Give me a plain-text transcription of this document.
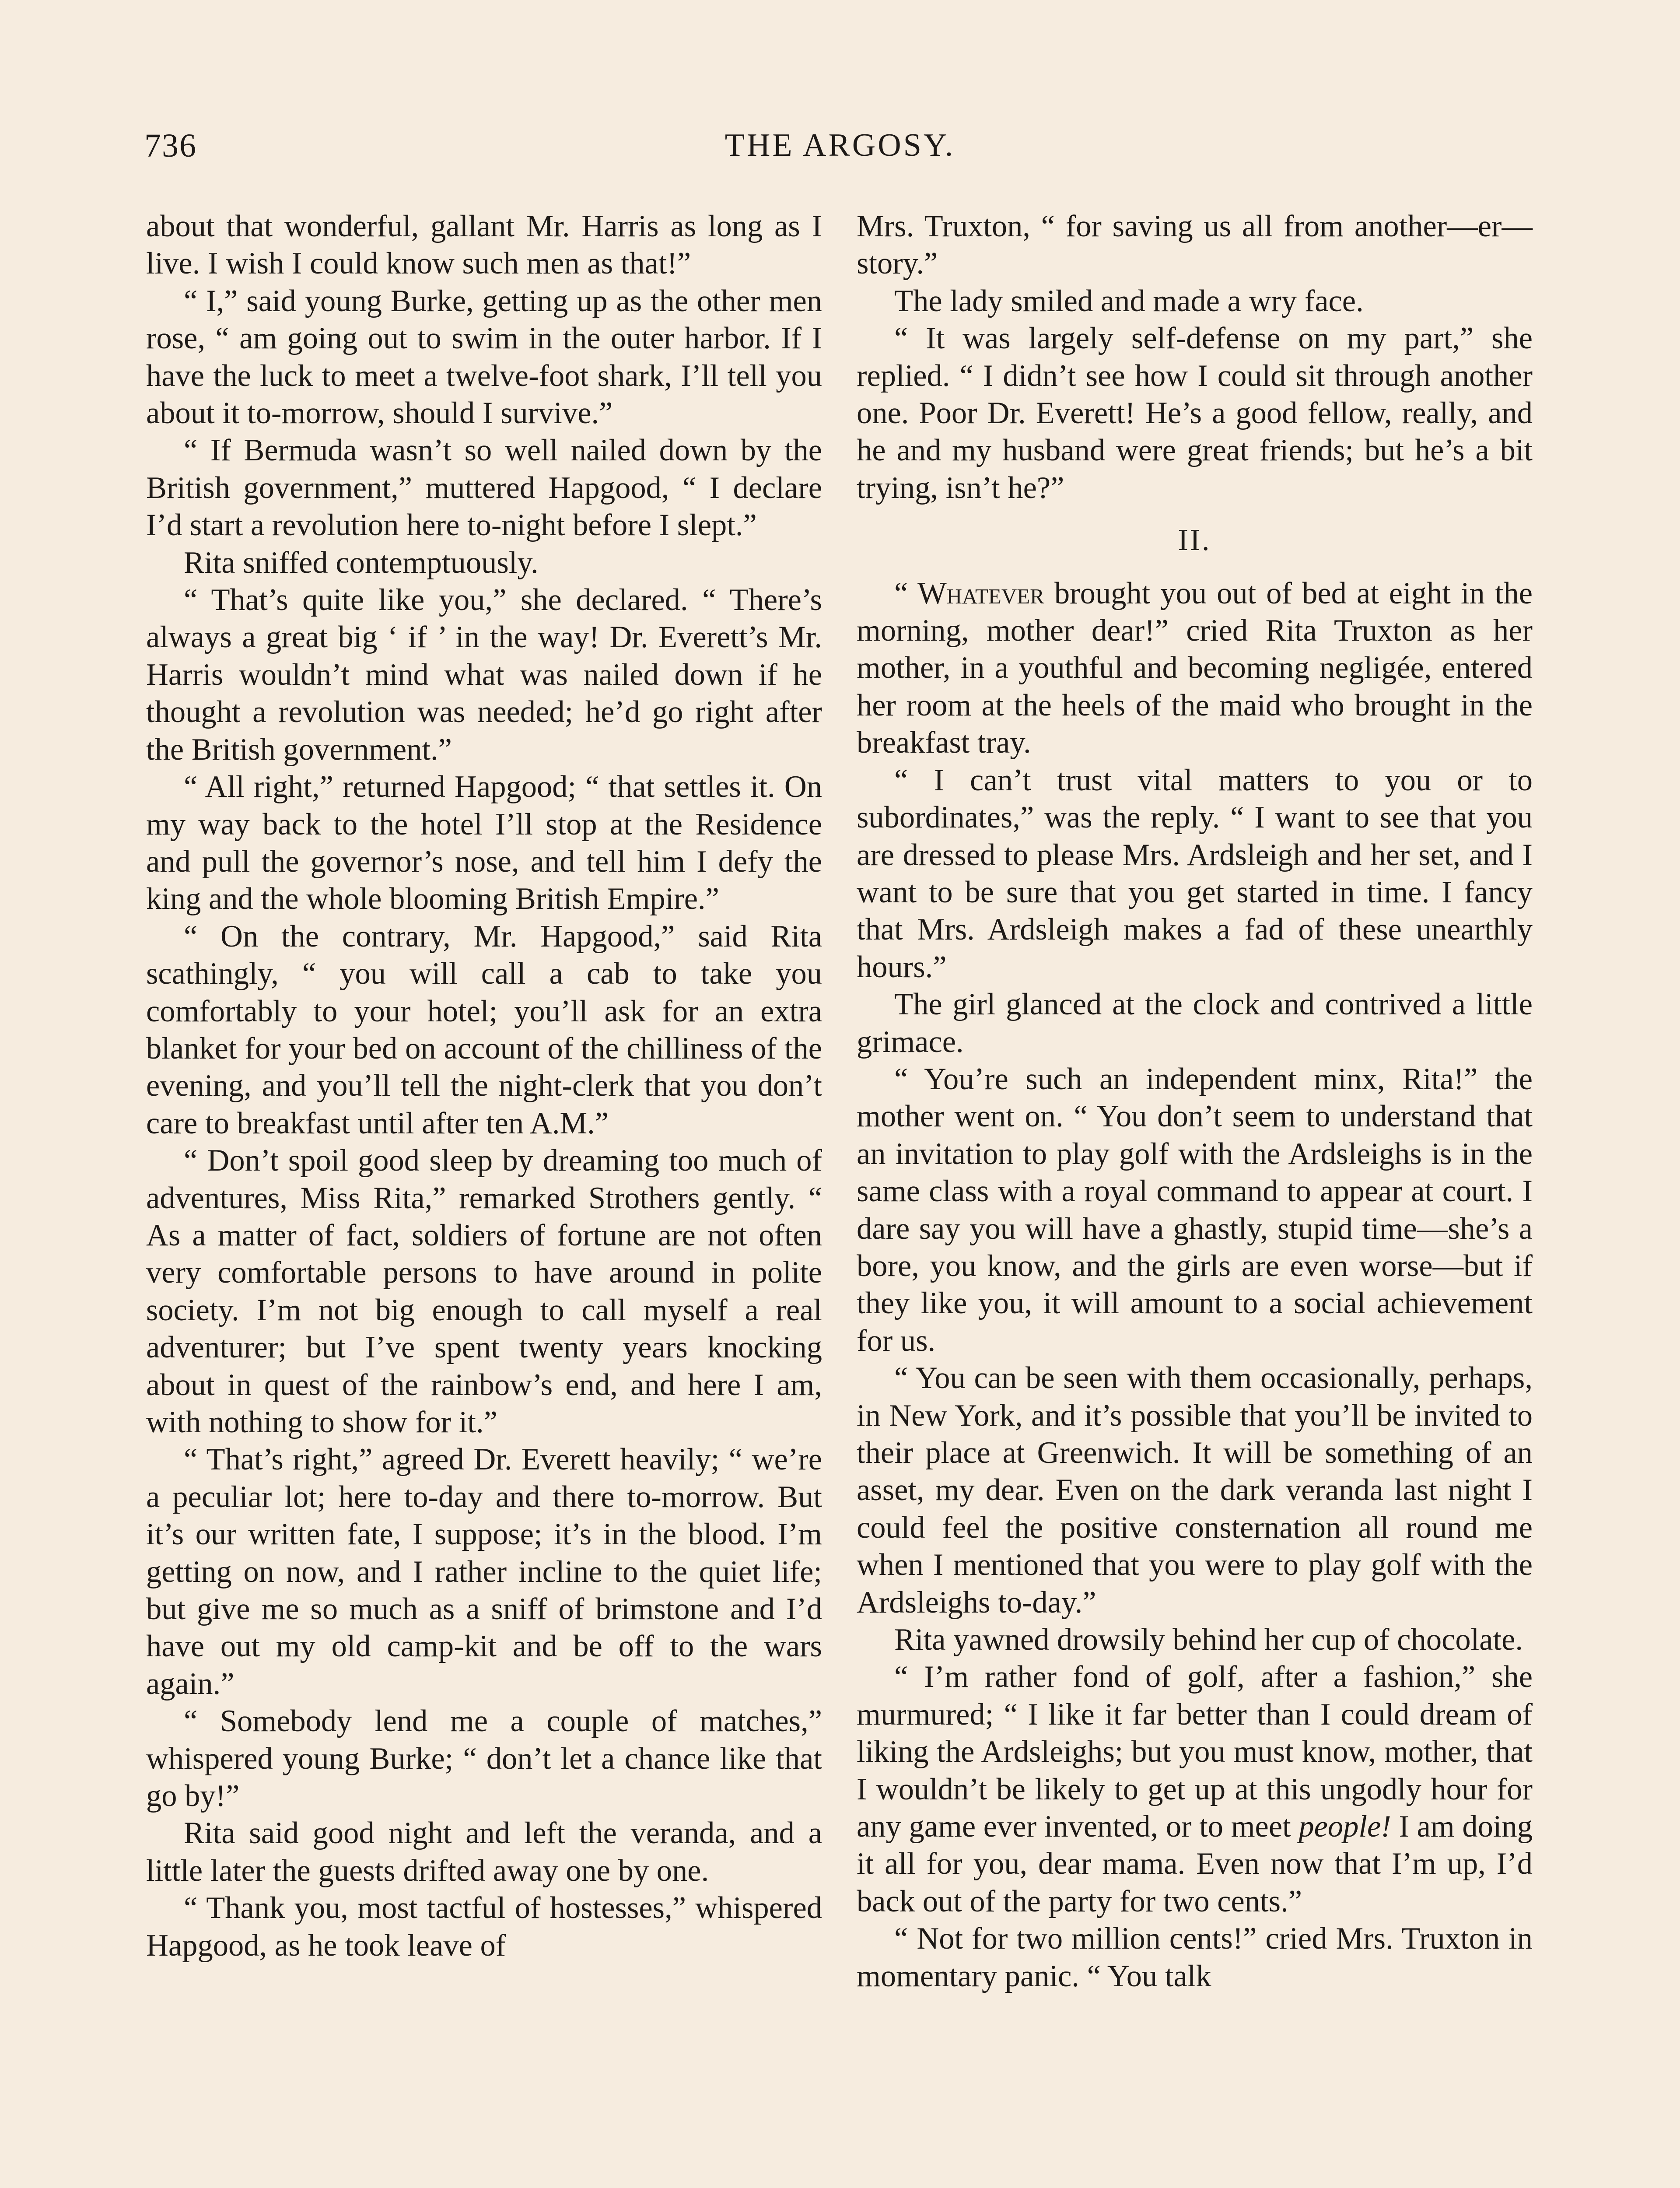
736	THE ARGOSY.

about that wonderful, gallant Mr. Harris as long as I live. I wish I could know such men as that!”

“ I,” said young Burke, getting up as the other men rose, “ am going out to swim in the outer harbor. If I have the luck to meet a twelve-foot shark, I’ll tell you about it to-morrow, should I survive.”

“ If Bermuda wasn’t so well nailed down by the British government,” muttered Hapgood, “ I declare I’d start a revolution here to-night before I slept.”

Rita sniffed contemptuously.

“ That’s quite like you,” she declared. “ There’s always a great big ‘ if ’ in the way! Dr. Everett’s Mr. Harris wouldn’t mind what was nailed down if he thought a revolution was needed; he’d go right after the British government.”

“ All right,” returned Hapgood; “ that settles it. On my way back to the hotel I’ll stop at the Residence and pull the governor’s nose, and tell him I defy the king and the whole blooming British Empire.”

“ On the contrary, Mr. Hapgood,” said Rita scathingly, “ you will call a cab to take you comfortably to your hotel; you’ll ask for an extra blanket for your bed on account of the chilliness of the evening, and you’ll tell the night-clerk that you don’t care to breakfast until after ten A.M.”

“ Don’t spoil good sleep by dreaming too much of adventures, Miss Rita,” remarked Strothers gently. “ As a matter of fact, soldiers of fortune are not often very comfortable persons to have around in polite society. I’m not big enough to call myself a real adventurer; but I’ve spent twenty years knocking about in quest of the rainbow’s end, and here I am, with nothing to show for it.”

“ That’s right,” agreed Dr. Everett heavily; “ we’re a peculiar lot; here to-day and there to-morrow. But it’s our written fate, I suppose; it’s in the blood. I’m getting on now, and I rather incline to the quiet life; but give me so much as a sniff of brimstone and I’d have out my old camp-kit and be off to the wars again.”

“ Somebody lend me a couple of matches,” whispered young Burke; “ don’t let a chance like that go by!”

Rita said good night and left the veranda, and a little later the guests drifted away one by one.

“ Thank you, most tactful of hostesses,” whispered Hapgood, as he took leave of

Mrs. Truxton, “ for saving us all from another—er—story.”

The lady smiled and made a wry face.

“ It was largely self-defense on my part,” she replied. “ I didn’t see how I could sit through another one. Poor Dr. Everett! He’s a good fellow, really, and he and my husband were great friends; but he’s a bit trying, isn’t he?”

II.

“ Whatever brought you out of bed at eight in the morning, mother dear!” cried Rita Truxton as her mother, in a youthful and becoming negligée, entered her room at the heels of the maid who brought in the breakfast tray.

“ I can’t trust vital matters to you or to subordinates,” was the reply. “ I want to see that you are dressed to please Mrs. Ardsleigh and her set, and I want to be sure that you get started in time. I fancy that Mrs. Ardsleigh makes a fad of these unearthly hours.”

The girl glanced at the clock and contrived a little grimace.

“ You’re such an independent minx, Rita!” the mother went on. “ You don’t seem to understand that an invitation to play golf with the Ardsleighs is in the same class with a royal command to appear at court. I dare say you will have a ghastly, stupid time—she’s a bore, you know, and the girls are even worse—but if they like you, it will amount to a social achievement for us.

“ You can be seen with them occasionally, perhaps, in New York, and it’s possible that you’ll be invited to their place at Greenwich. It will be something of an asset, my dear. Even on the dark veranda last night I could feel the positive consternation all round me when I mentioned that you were to play golf with the Ardsleighs to-day.”

Rita yawned drowsily behind her cup of chocolate.

“ I’m rather fond of golf, after a fashion,” she murmured; “ I like it far better than I could dream of liking the Ardsleighs; but you must know, mother, that I wouldn’t be likely to get up at this ungodly hour for any game ever invented, or to meet people! I am doing it all for you, dear mama. Even now that I’m up, I’d back out of the party for two cents.”

“ Not for two million cents!” cried Mrs. Truxton in momentary panic. “ You talk
